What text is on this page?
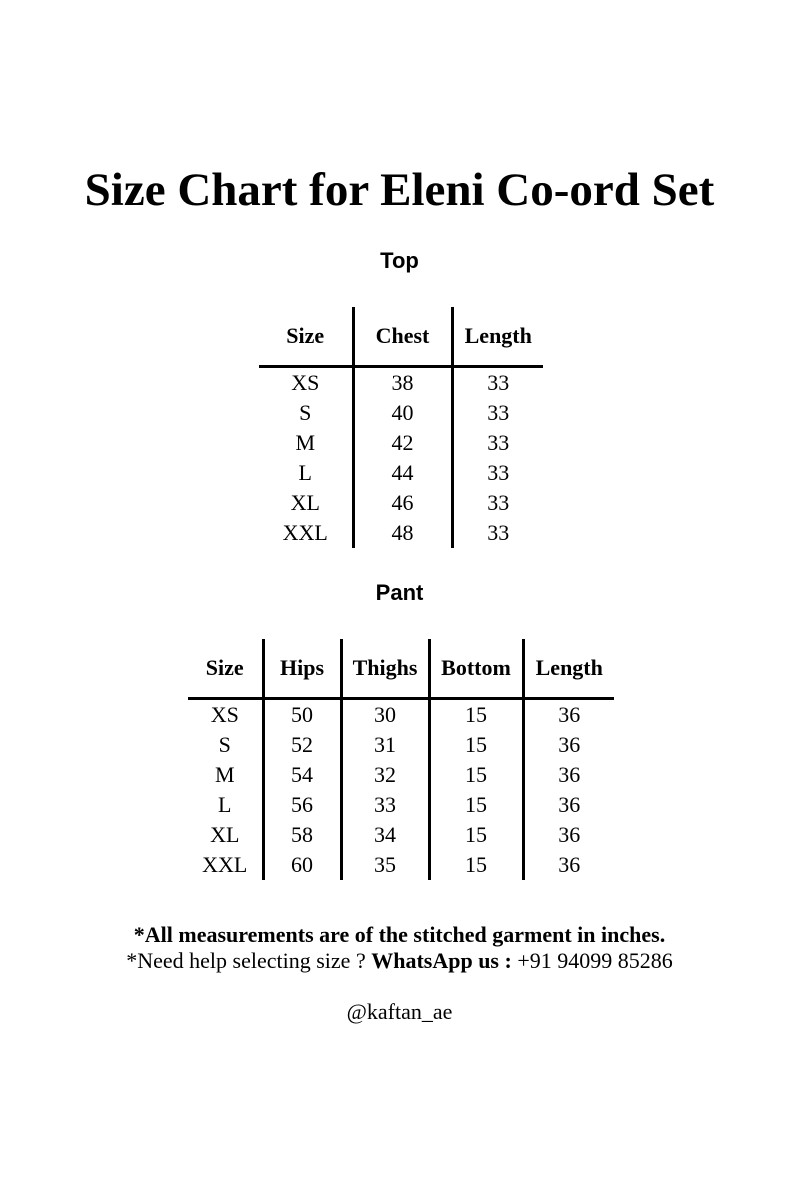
Size Chart for Eleni Co-ord Set
Top
Size	Chest	Length
XS	38	33
S	40	33
M	42	33
L	44	33
XL	46	33
XXL	48	33
Pant
Size	Hips	Thighs	Bottom	Length
XS	50	30	15	36
S	52	31	15	36
M	54	32	15	36
L	56	33	15	36
XL	58	34	15	36
XXL	60	35	15	36
*All measurements are of the stitched garment in inches.
*Need help selecting size ? WhatsApp us : +91 94099 85286
@kaftan_ae
